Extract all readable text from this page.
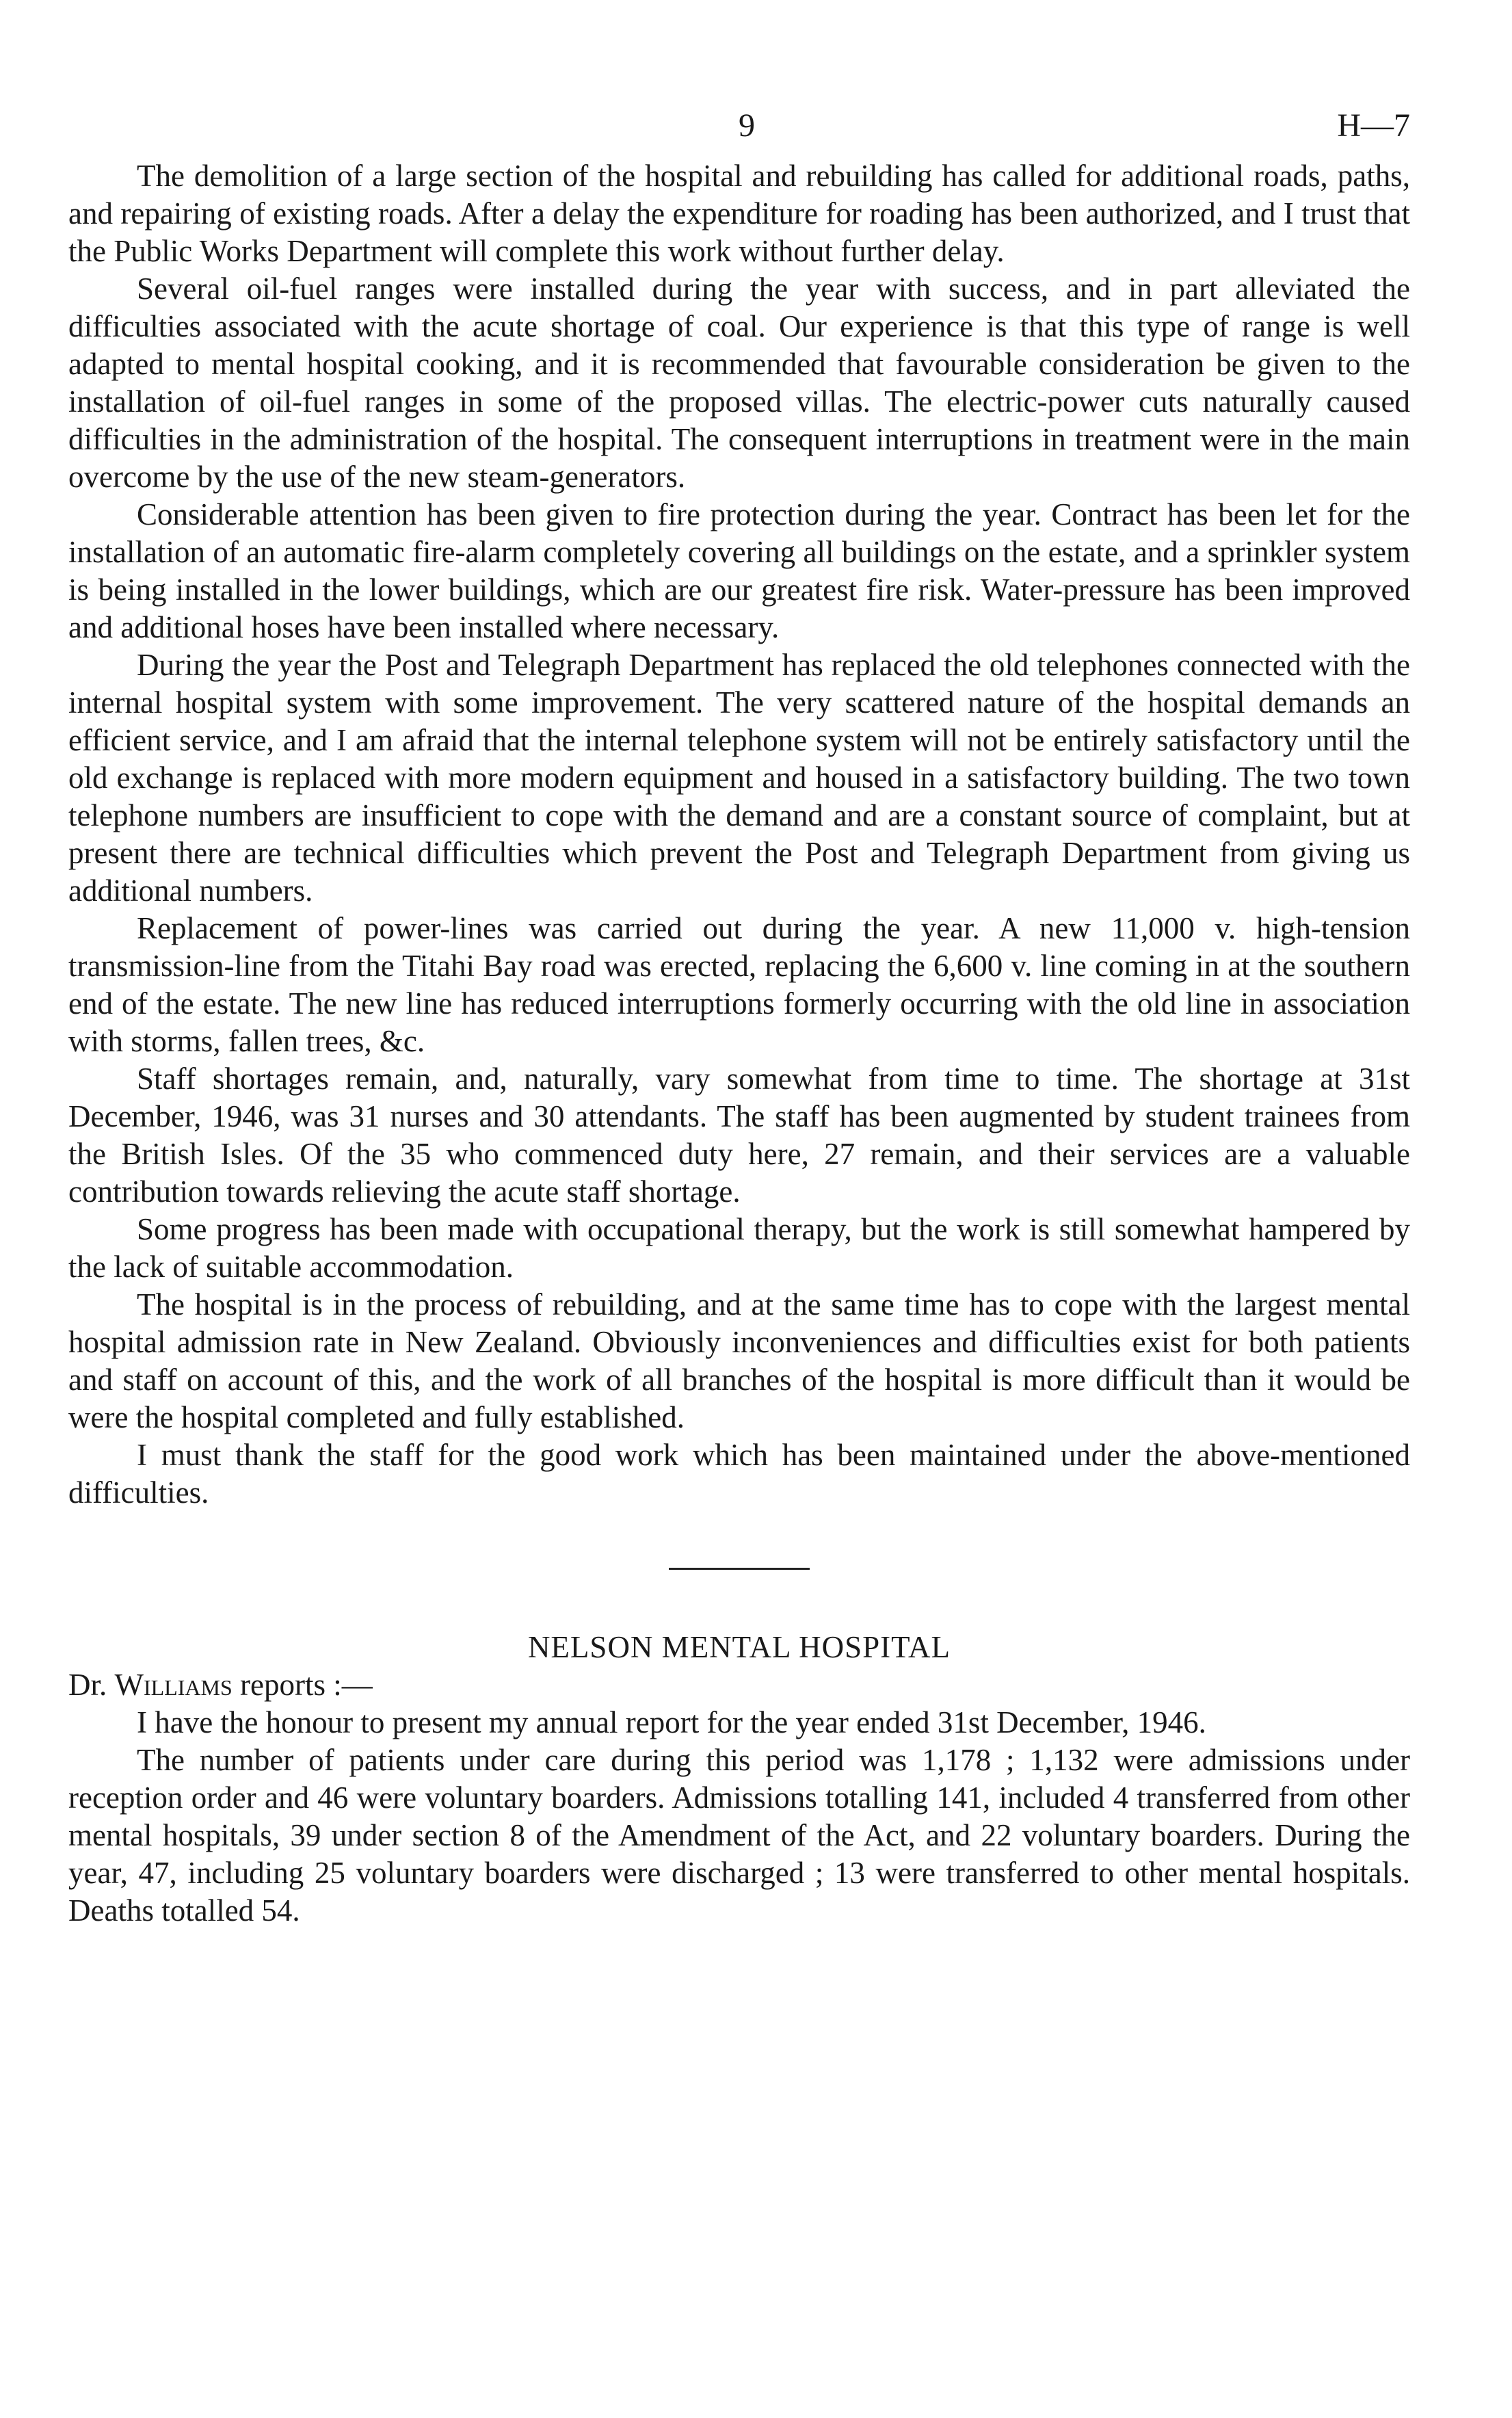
9	H—7

The demolition of a large section of the hospital and rebuilding has called for additional roads, paths, and repairing of existing roads. After a delay the expenditure for roading has been authorized, and I trust that the Public Works Department will complete this work without further delay.

Several oil-fuel ranges were installed during the year with success, and in part alleviated the difficulties associated with the acute shortage of coal. Our experience is that this type of range is well adapted to mental hospital cooking, and it is recommended that favourable consideration be given to the installation of oil-fuel ranges in some of the proposed villas. The electric-power cuts naturally caused difficulties in the administration of the hospital. The consequent interruptions in treatment were in the main overcome by the use of the new steam-generators.

Considerable attention has been given to fire protection during the year. Contract has been let for the installation of an automatic fire-alarm completely covering all buildings on the estate, and a sprinkler system is being installed in the lower buildings, which are our greatest fire risk. Water-pressure has been improved and additional hoses have been installed where necessary.

During the year the Post and Telegraph Department has replaced the old telephones connected with the internal hospital system with some improvement. The very scattered nature of the hospital demands an efficient service, and I am afraid that the internal telephone system will not be entirely satisfactory until the old exchange is replaced with more modern equipment and housed in a satisfactory building. The two town telephone numbers are insufficient to cope with the demand and are a constant source of complaint, but at present there are technical difficulties which prevent the Post and Telegraph Department from giving us additional numbers.

Replacement of power-lines was carried out during the year. A new 11,000 v. high-tension transmission-line from the Titahi Bay road was erected, replacing the 6,600 v. line coming in at the southern end of the estate. The new line has reduced interruptions formerly occurring with the old line in association with storms, fallen trees, &c.

Staff shortages remain, and, naturally, vary somewhat from time to time. The shortage at 31st December, 1946, was 31 nurses and 30 attendants. The staff has been augmented by student trainees from the British Isles. Of the 35 who commenced duty here, 27 remain, and their services are a valuable contribution towards relieving the acute staff shortage.

Some progress has been made with occupational therapy, but the work is still somewhat hampered by the lack of suitable accommodation.

The hospital is in the process of rebuilding, and at the same time has to cope with the largest mental hospital admission rate in New Zealand. Obviously inconveniences and difficulties exist for both patients and staff on account of this, and the work of all branches of the hospital is more difficult than it would be were the hospital completed and fully established.

I must thank the staff for the good work which has been maintained under the above-mentioned difficulties.

NELSON MENTAL HOSPITAL

Dr. Williams reports :—

I have the honour to present my annual report for the year ended 31st December, 1946.

The number of patients under care during this period was 1,178 ; 1,132 were admissions under reception order and 46 were voluntary boarders. Admissions totalling 141, included 4 transferred from other mental hospitals, 39 under section 8 of the Amendment of the Act, and 22 voluntary boarders. During the year, 47, including 25 voluntary boarders were discharged ; 13 were transferred to other mental hospitals. Deaths totalled 54.
